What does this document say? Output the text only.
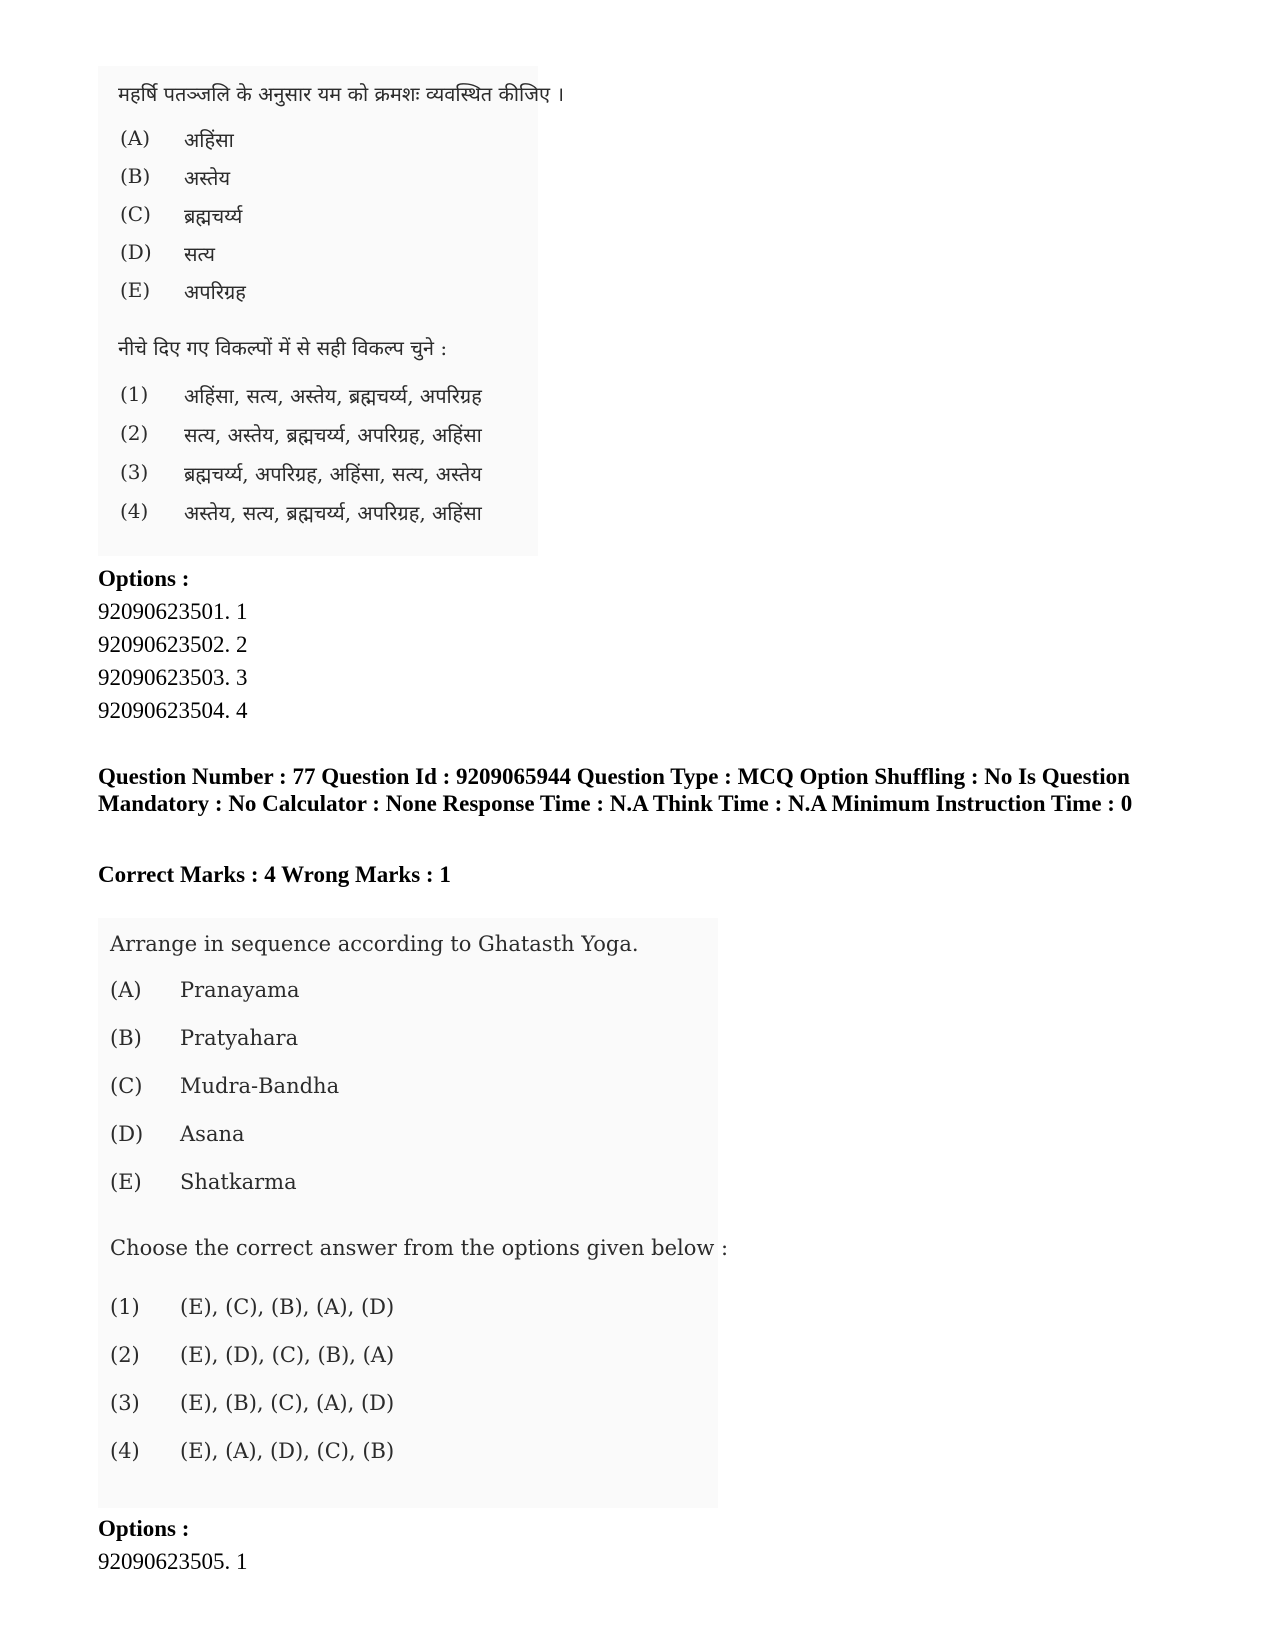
महर्षि पतञ्जलि के अनुसार यम को क्रमशः व्यवस्थित कीजिए ।
(A) अहिंसा
(B) अस्तेय
(C) ब्रह्मचर्य्य
(D) सत्य
(E) अपरिग्रह
नीचे दिए गए विकल्पों में से सही विकल्प चुने :
(1) अहिंसा, सत्य, अस्तेय, ब्रह्मचर्य्य, अपरिग्रह
(2) सत्य, अस्तेय, ब्रह्मचर्य्य, अपरिग्रह, अहिंसा
(3) ब्रह्मचर्य्य, अपरिग्रह, अहिंसा, सत्य, अस्तेय
(4) अस्तेय, सत्य, ब्रह्मचर्य्य, अपरिग्रह, अहिंसा
Options :
92090623501. 1
92090623502. 2
92090623503. 3
92090623504. 4
Question Number : 77 Question Id : 9209065944 Question Type : MCQ Option Shuffling : No Is Question Mandatory : No Calculator : None Response Time : N.A Think Time : N.A Minimum Instruction Time : 0
Correct Marks : 4 Wrong Marks : 1
Arrange in sequence according to Ghatasth Yoga.
(A) Pranayama
(B) Pratyahara
(C) Mudra-Bandha
(D) Asana
(E) Shatkarma
Choose the correct answer from the options given below :
(1) (E), (C), (B), (A), (D)
(2) (E), (D), (C), (B), (A)
(3) (E), (B), (C), (A), (D)
(4) (E), (A), (D), (C), (B)
Options :
92090623505. 1
